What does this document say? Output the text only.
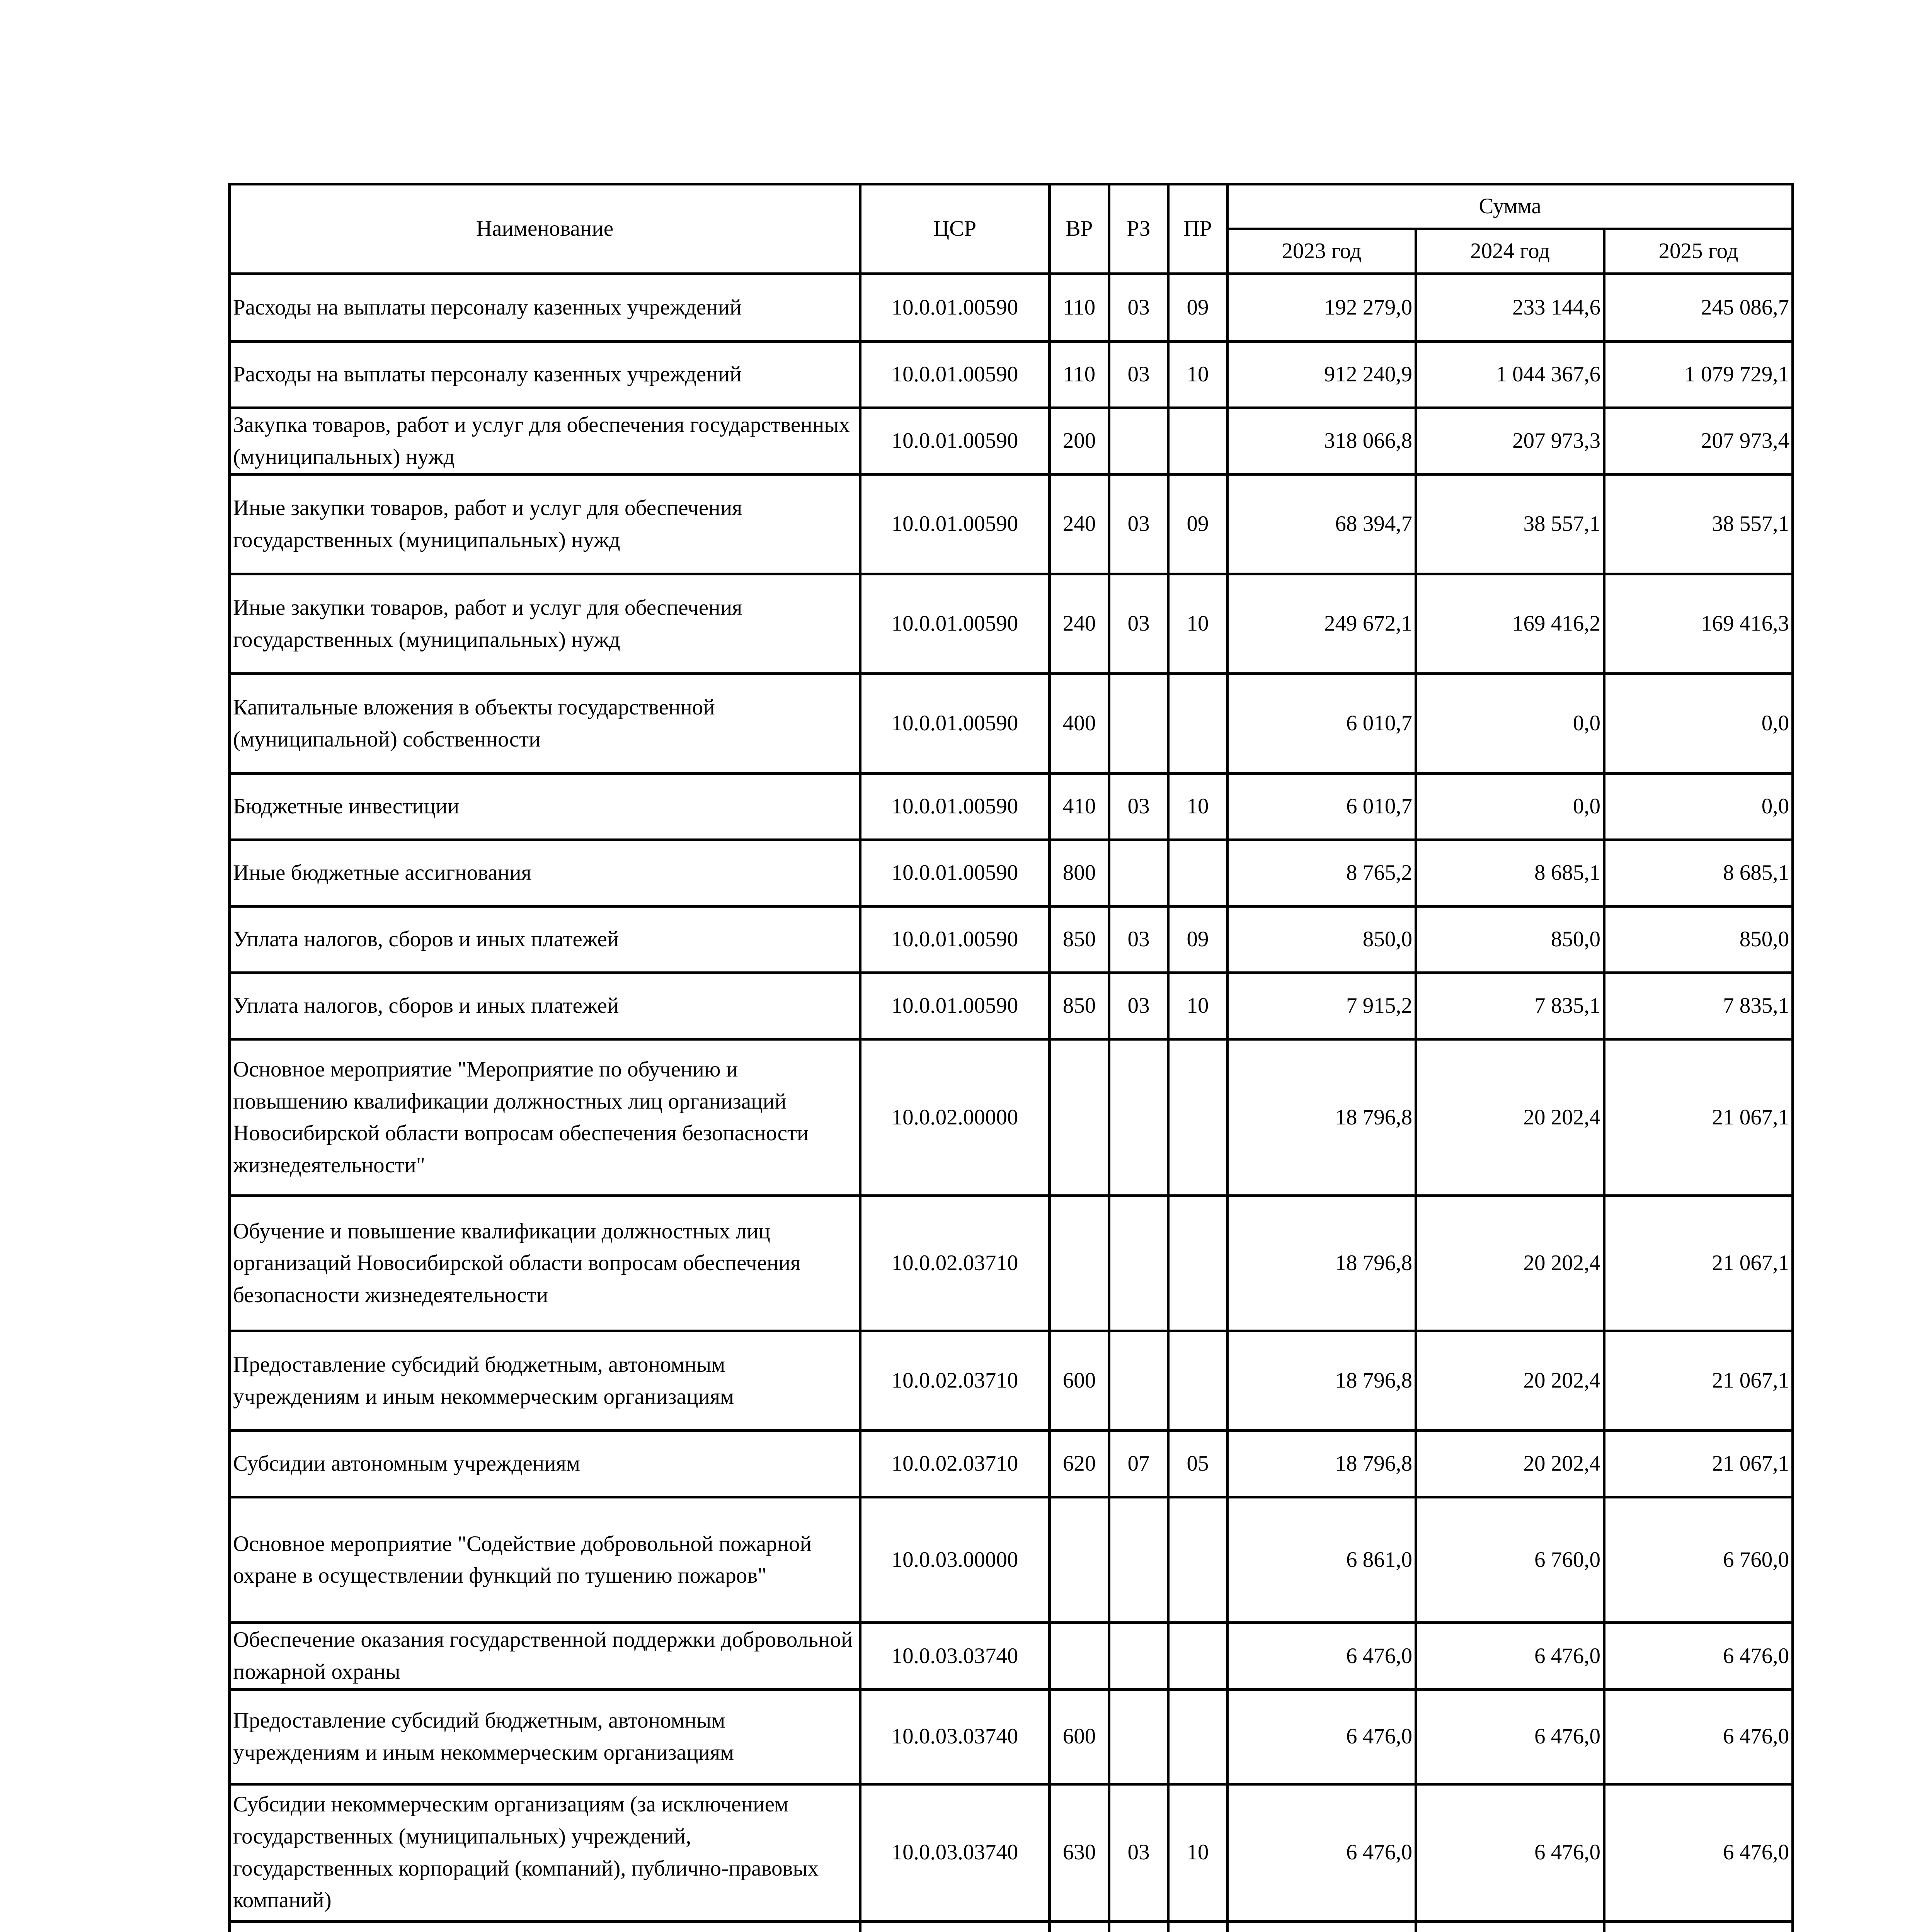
Наименование	ЦСР	ВР	РЗ	ПР	Сумма		
					2023 год	2024 год	2025 год
Расходы на выплаты персоналу казенных учреждений	10.0.01.00590	110	03	09	192 279,0	233 144,6	245 086,7
Расходы на выплаты персоналу казенных учреждений	10.0.01.00590	110	03	10	912 240,9	1 044 367,6	1 079 729,1
Закупка товаров, работ и услуг для обеспечения государственных (муниципальных) нужд	10.0.01.00590	200			318 066,8	207 973,3	207 973,4
Иные закупки товаров, работ и услуг для обеспечения государственных (муниципальных) нужд	10.0.01.00590	240	03	09	68 394,7	38 557,1	38 557,1
Иные закупки товаров, работ и услуг для обеспечения государственных (муниципальных) нужд	10.0.01.00590	240	03	10	249 672,1	169 416,2	169 416,3
Капитальные вложения в объекты государственной (муниципальной) собственности	10.0.01.00590	400			6 010,7	0,0	0,0
Бюджетные инвестиции	10.0.01.00590	410	03	10	6 010,7	0,0	0,0
Иные бюджетные ассигнования	10.0.01.00590	800			8 765,2	8 685,1	8 685,1
Уплата налогов, сборов и иных платежей	10.0.01.00590	850	03	09	850,0	850,0	850,0
Уплата налогов, сборов и иных платежей	10.0.01.00590	850	03	10	7 915,2	7 835,1	7 835,1
Основное мероприятие "Мероприятие по обучению и повышению квалификации должностных лиц организаций Новосибирской области вопросам обеспечения безопасности жизнедеятельности"	10.0.02.00000				18 796,8	20 202,4	21 067,1
Обучение и повышение квалификации должностных лиц организаций Новосибирской области вопросам обеспечения безопасности жизнедеятельности	10.0.02.03710				18 796,8	20 202,4	21 067,1
Предоставление субсидий бюджетным, автономным учреждениям и иным некоммерческим организациям	10.0.02.03710	600			18 796,8	20 202,4	21 067,1
Субсидии автономным учреждениям	10.0.02.03710	620	07	05	18 796,8	20 202,4	21 067,1
Основное мероприятие "Содействие добровольной пожарной охране в осуществлении функций по тушению пожаров"	10.0.03.00000				6 861,0	6 760,0	6 760,0
Обеспечение оказания государственной поддержки добровольной пожарной охраны	10.0.03.03740				6 476,0	6 476,0	6 476,0
Предоставление субсидий бюджетным, автономным учреждениям и иным некоммерческим организациям	10.0.03.03740	600			6 476,0	6 476,0	6 476,0
Субсидии некоммерческим организациям (за исключением государственных (муниципальных) учреждений, государственных корпораций (компаний), публично-правовых компаний)	10.0.03.03740	630	03	10	6 476,0	6 476,0	6 476,0
